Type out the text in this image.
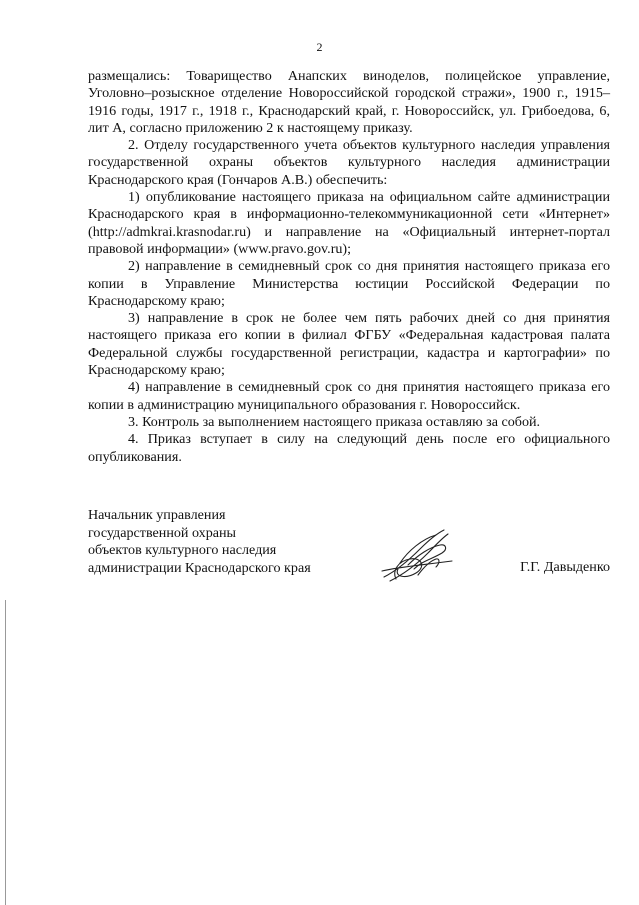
2

размещались: Товарищество Анапских виноделов, полицейское управление, Уголовно–розыскное отделение Новороссийской городской стражи», 1900 г., 1915–1916 годы, 1917 г., 1918 г., Краснодарский край, г. Новороссийск, ул. Грибоедова, 6, лит А, согласно приложению 2 к настоящему приказу.

2. Отделу государственного учета объектов культурного наследия управления государственной охраны объектов культурного наследия администрации Краснодарского края (Гончаров А.В.) обеспечить:

1) опубликование настоящего приказа на официальном сайте администрации Краснодарского края в информационно-телекоммуникационной сети «Интернет» (http://admkrai.krasnodar.ru) и направление на «Официальный интернет-портал правовой информации» (www.pravo.gov.ru);

2) направление в семидневный срок со дня принятия настоящего приказа его копии в Управление Министерства юстиции Российской Федерации по Краснодарскому краю;

3) направление в срок не более чем пять рабочих дней со дня принятия настоящего приказа его копии в филиал ФГБУ «Федеральная кадастровая палата Федеральной службы государственной регистрации, кадастра и картографии» по Краснодарскому краю;

4) направление в семидневный срок со дня принятия настоящего приказа его копии в администрацию муниципального образования г. Новороссийск.

3. Контроль за выполнением настоящего приказа оставляю за собой.

4. Приказ вступает в силу на следующий день после его официального опубликования.

Начальник управления
государственной охраны
объектов культурного наследия
администрации Краснодарского края	Г.Г. Давыденко
